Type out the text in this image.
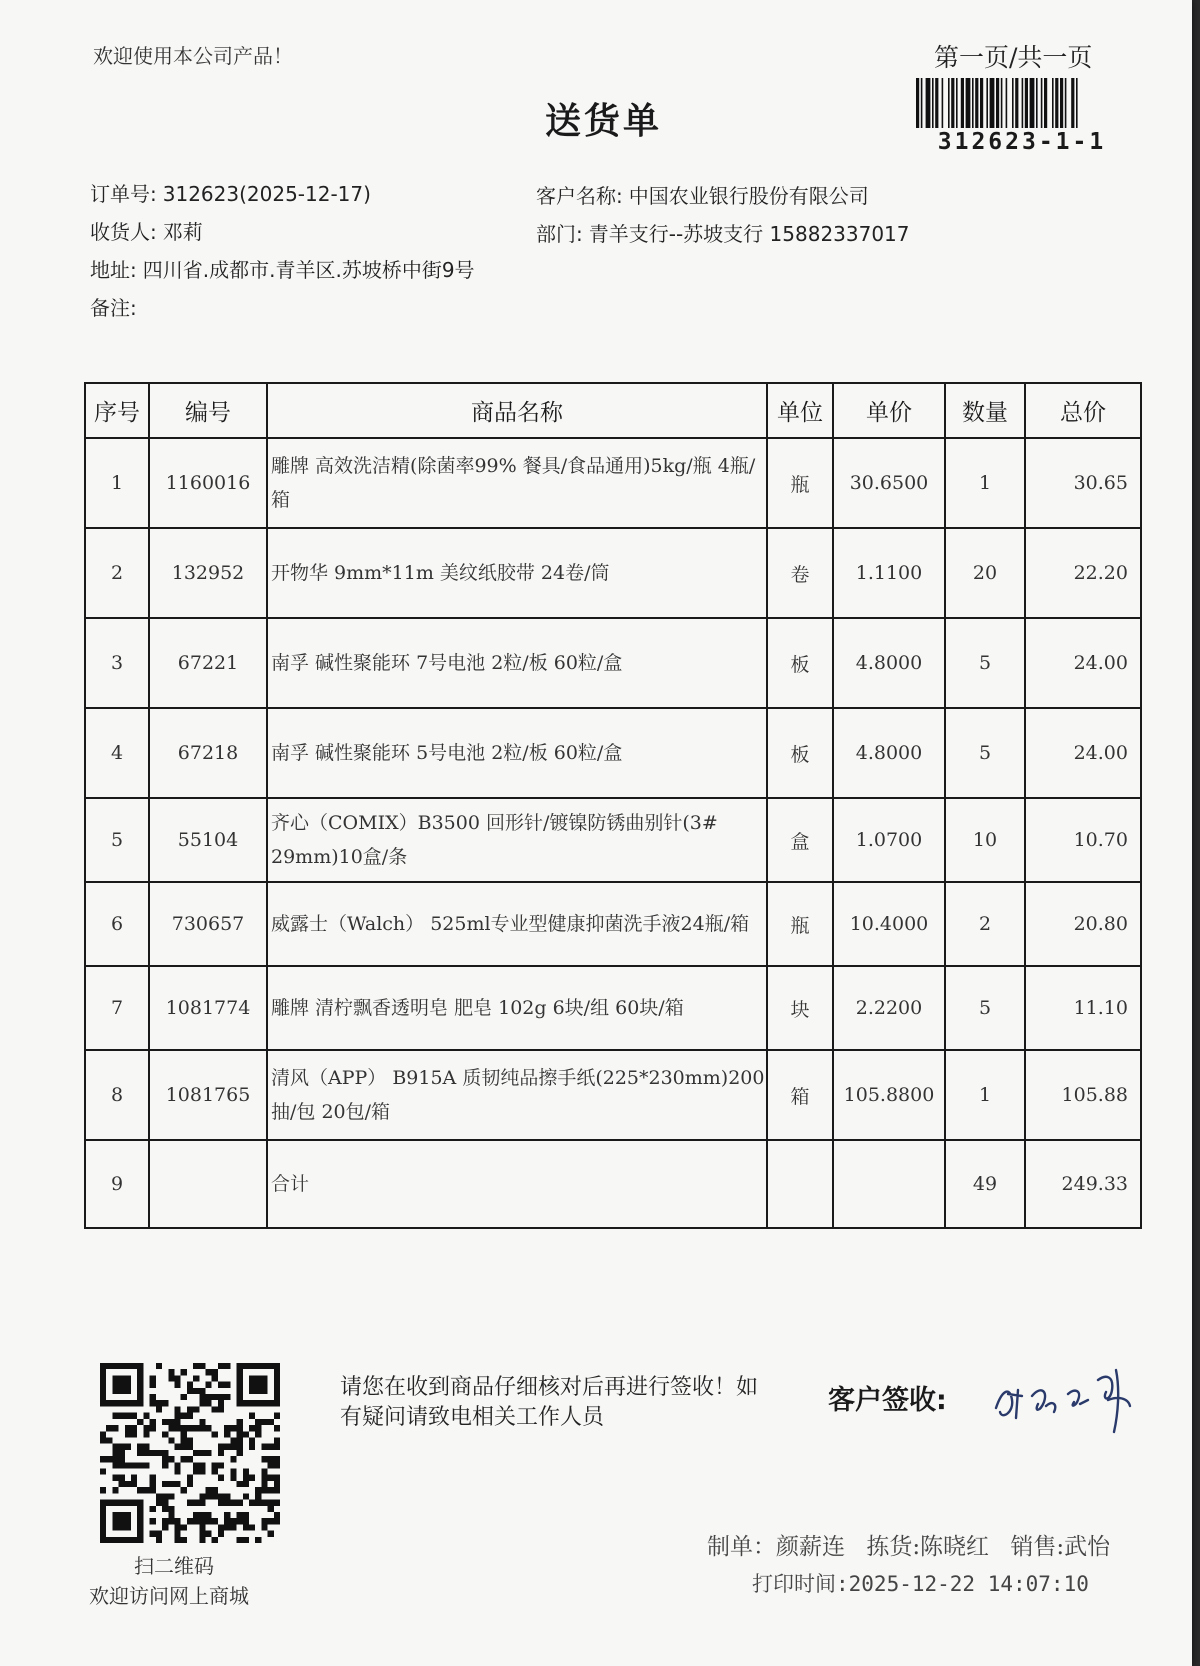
欢迎使用本公司产品！	第一页/共一页
送货单	312623-1-1
订单号: 312623(2025-12-17)
收货人: 邓莉
地址: 四川省.成都市.青羊区.苏坡桥中街9号
备注:
客户名称: 中国农业银行股份有限公司
部门: 青羊支行--苏坡支行 15882337017
序号	编号	商品名称	单位	单价	数量	总价
1	1160016	雕牌 高效洗洁精(除菌率99% 餐具/食品通用)5kg/瓶 4瓶/箱	瓶	30.6500	1	30.65
2	132952	开物华 9mm*11m 美纹纸胶带 24卷/筒	卷	1.1100	20	22.20
3	67221	南孚 碱性聚能环 7号电池 2粒/板 60粒/盒	板	4.8000	5	24.00
4	67218	南孚 碱性聚能环 5号电池 2粒/板 60粒/盒	板	4.8000	5	24.00
5	55104	齐心（COMIX）B3500 回形针/镀镍防锈曲别针(3# 29mm)10盒/条	盒	1.0700	10	10.70
6	730657	威露士（Walch） 525ml专业型健康抑菌洗手液24瓶/箱	瓶	10.4000	2	20.80
7	1081774	雕牌 清柠飘香透明皂 肥皂 102g 6块/组 60块/箱	块	2.2200	5	11.10
8	1081765	清风（APP） B915A 质韧纯品擦手纸(225*230mm)200抽/包 20包/箱	箱	105.8800	1	105.88
9		合计			49	249.33
扫二维码
欢迎访问网上商城
请您在收到商品仔细核对后再进行签收！如有疑问请致电相关工作人员
客户签收:
制单：颜薪连 拣货:陈晓红 销售:武怡
打印时间:2025-12-22 14:07:10
